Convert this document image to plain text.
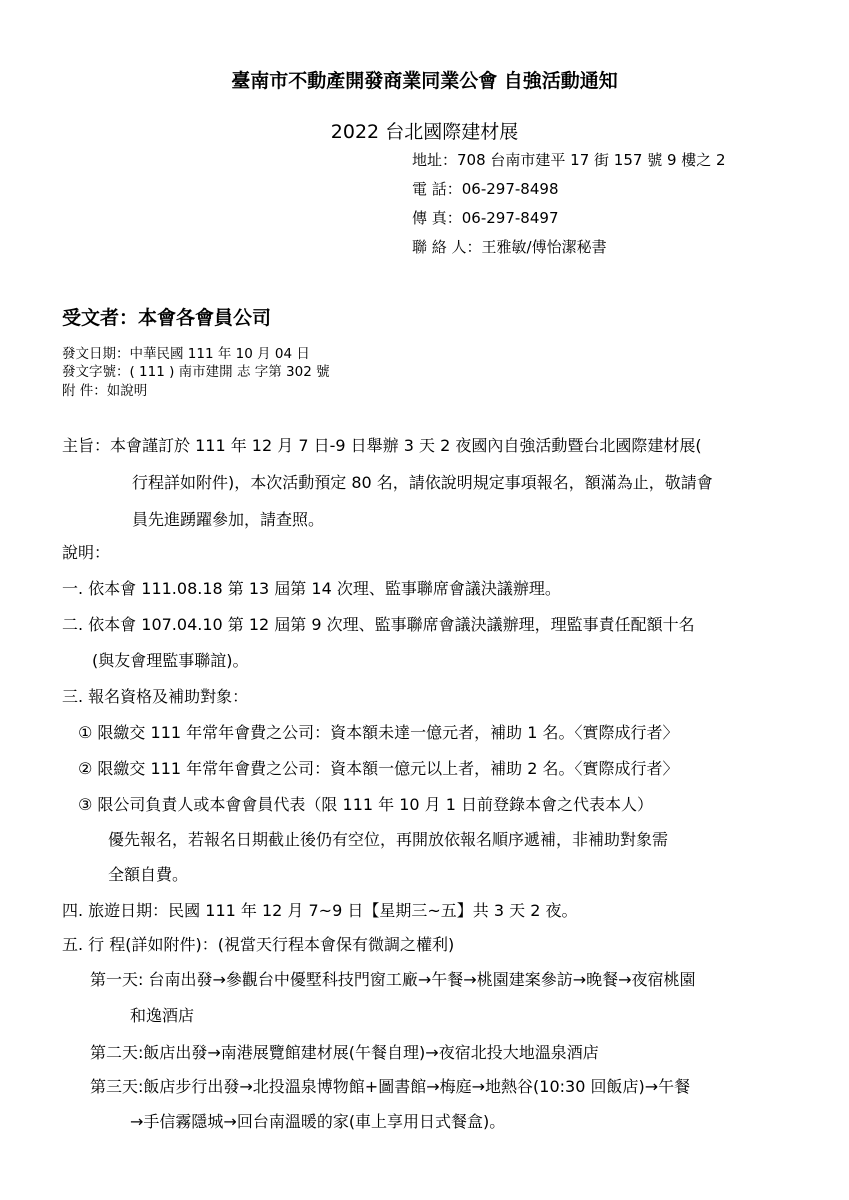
臺南市不動產開發商業同業公會 自強活動通知
2022 台北國際建材展
地址：708 台南市建平 17 街 157 號 9 樓之 2
電 話：06-297-8498
傳 真：06-297-8497
聯 絡 人：王雅敏/傅怡潔秘書
受文者：本會各會員公司
發文日期：中華民國 111 年 10 月 04 日
發文字號：( 111 ) 南市建開 志 字第 302 號
附 件：如說明
主旨：本會謹訂於 111 年 12 月 7 日-9 日舉辦 3 天 2 夜國內自強活動暨台北國際建材展(
行程詳如附件)，本次活動預定 80 名，請依說明規定事項報名，額滿為止，敬請會
員先進踴躍參加，請查照。
說明：
一. 依本會 111.08.18 第 13 屆第 14 次理、監事聯席會議決議辦理。
二. 依本會 107.04.10 第 12 屆第 9 次理、監事聯席會議決議辦理，理監事責任配額十名
(與友會理監事聯誼)。
三. 報名資格及補助對象：
① 限繳交 111 年常年會費之公司：資本額未達一億元者，補助 1 名。〈實際成行者〉
② 限繳交 111 年常年會費之公司：資本額一億元以上者，補助 2 名。〈實際成行者〉
③ 限公司負責人或本會會員代表（限 111 年 10 月 1 日前登錄本會之代表本人）
優先報名，若報名日期截止後仍有空位，再開放依報名順序遞補，非補助對象需
全額自費。
四. 旅遊日期：民國 111 年 12 月 7~9 日【星期三~五】共 3 天 2 夜。
五. 行 程(詳如附件)：(視當天行程本會保有微調之權利)
第一天: 台南出發→參觀台中優墅科技門窗工廠→午餐→桃園建案參訪→晚餐→夜宿桃園
和逸酒店
第二天:飯店出發→南港展覽館建材展(午餐自理)→夜宿北投大地溫泉酒店
第三天:飯店步行出發→北投溫泉博物館+圖書館→梅庭→地熱谷(10:30 回飯店)→午餐
→手信霧隱城→回台南溫暖的家(車上享用日式餐盒)。
